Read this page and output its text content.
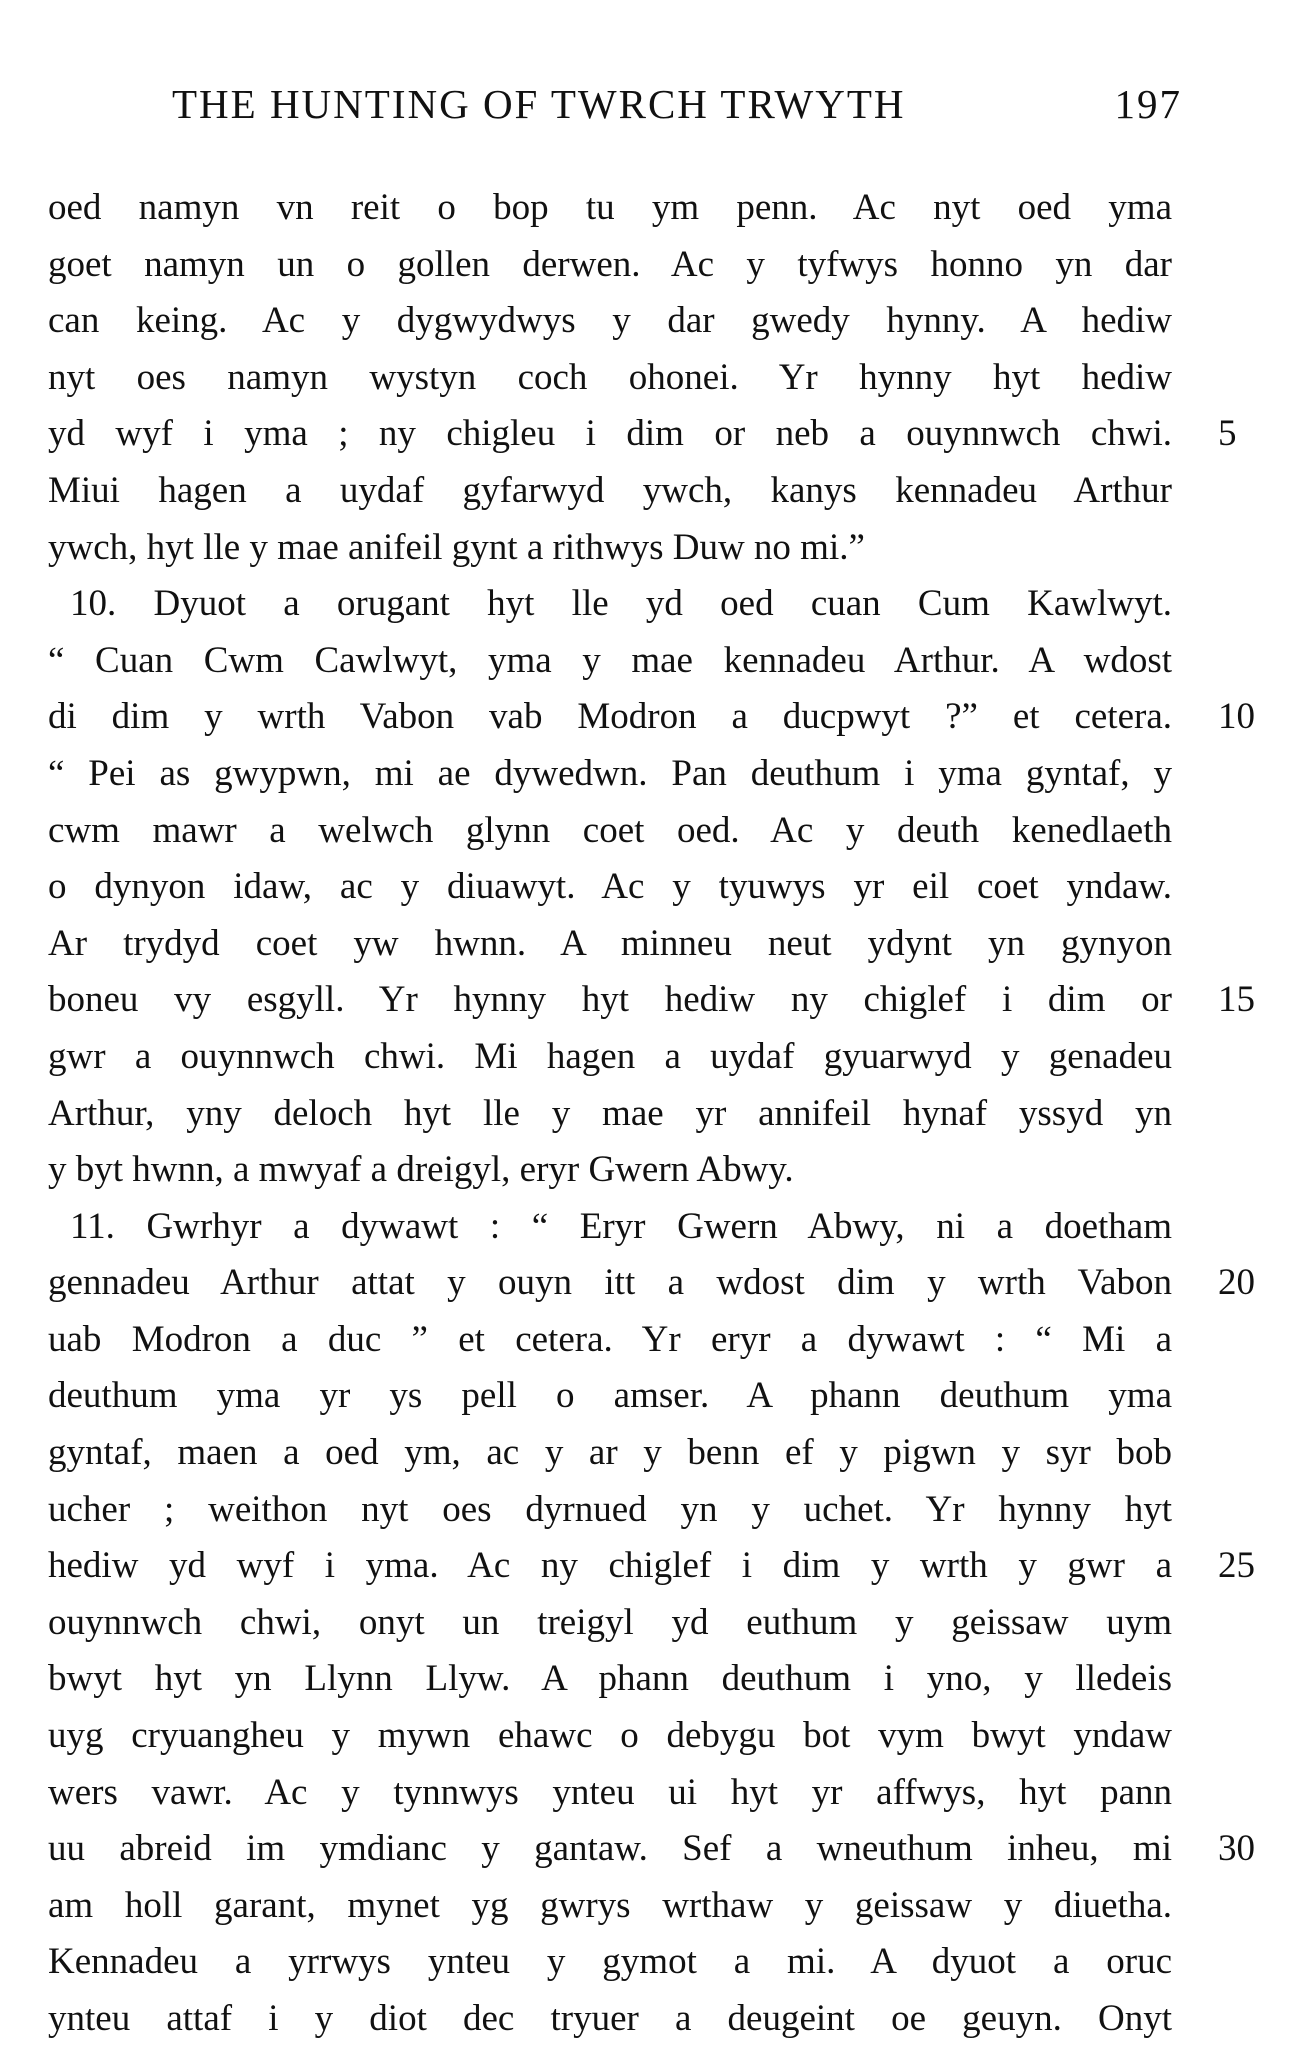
THE HUNTING OF TWRCH TRWYTH	197
oed namyn vn reit o bop tu ym penn. Ac nyt oed yma
goet namyn un o gollen derwen. Ac y tyfwys honno yn dar
can keing. Ac y dygwydwys y dar gwedy hynny. A hediw
nyt oes namyn wystyn coch ohonei. Yr hynny hyt hediw
yd wyf i yma ; ny chigleu i dim or neb a ouynnwch chwi. 5
Miui hagen a uydaf gyfarwyd ywch, kanys kennadeu Arthur
ywch, hyt lle y mae anifeil gynt a rithwys Duw no mi.”
10. Dyuot a orugant hyt lle yd oed cuan Cum Kawlwyt.
“ Cuan Cwm Cawlwyt, yma y mae kennadeu Arthur. A wdost
di dim y wrth Vabon vab Modron a ducpwyt ?” et cetera. 10
“ Pei as gwypwn, mi ae dywedwn. Pan deuthum i yma gyntaf, y
cwm mawr a welwch glynn coet oed. Ac y deuth kenedlaeth
o dynyon idaw, ac y diuawyt. Ac y tyuwys yr eil coet yndaw.
Ar trydyd coet yw hwnn. A minneu neut ydynt yn gynyon
boneu vy esgyll. Yr hynny hyt hediw ny chiglef i dim or 15
gwr a ouynnwch chwi. Mi hagen a uydaf gyuarwyd y genadeu
Arthur, yny deloch hyt lle y mae yr annifeil hynaf yssyd yn
y byt hwnn, a mwyaf a dreigyl, eryr Gwern Abwy.
11. Gwrhyr a dywawt : “ Eryr Gwern Abwy, ni a doetham
gennadeu Arthur attat y ouyn itt a wdost dim y wrth Vabon 20
uab Modron a duc ” et cetera. Yr eryr a dywawt : “ Mi a
deuthum yma yr ys pell o amser. A phann deuthum yma
gyntaf, maen a oed ym, ac y ar y benn ef y pigwn y syr bob
ucher ; weithon nyt oes dyrnued yn y uchet. Yr hynny hyt
hediw yd wyf i yma. Ac ny chiglef i dim y wrth y gwr a 25
ouynnwch chwi, onyt un treigyl yd euthum y geissaw uym
bwyt hyt yn Llynn Llyw. A phann deuthum i yno, y lledeis
uyg cryuangheu y mywn ehawc o debygu bot vym bwyt yndaw
wers vawr. Ac y tynnwys ynteu ui hyt yr affwys, hyt pann
uu abreid im ymdianc y gantaw. Sef a wneuthum inheu, mi 30
am holl garant, mynet yg gwrys wrthaw y geissaw y diuetha.
Kennadeu a yrrwys ynteu y gymot a mi. A dyuot a oruc
ynteu attaf i y diot dec tryuer a deugeint oe geuyn. Onyt
